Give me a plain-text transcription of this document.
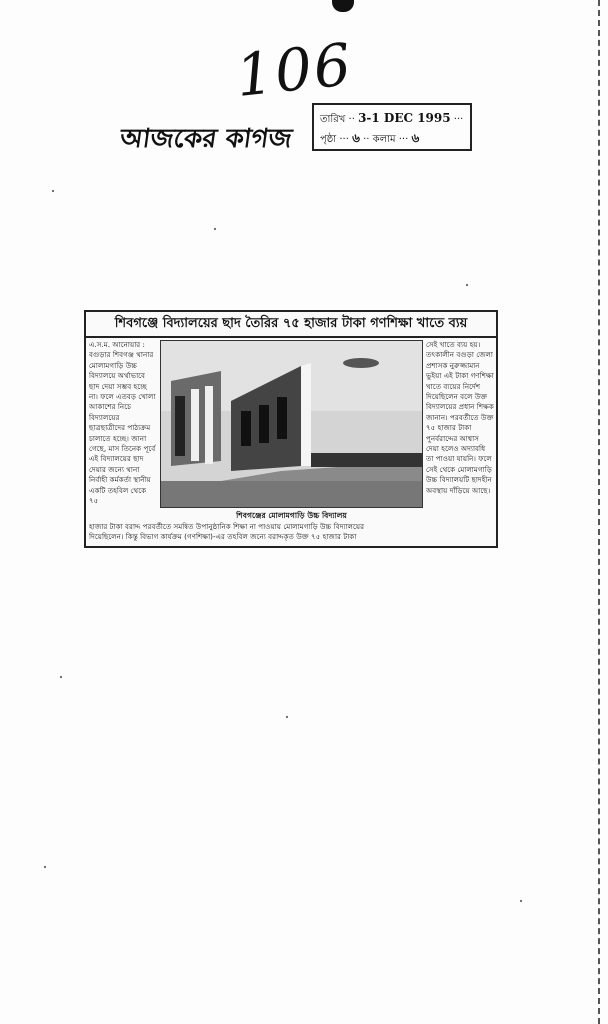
106
আজকের কাগজ
তারিখ ·· 3-1 DEC 1995 ···
পৃষ্ঠা ··· ৬ ·· কলাম ··· ৬
শিবগঞ্জে বিদ্যালয়ের ছাদ তৈরির ৭৫ হাজার টাকা গণশিক্ষা খাতে ব্যয়
এ.স.ম. আনোয়ার : বগুড়ার শিবগঞ্জ থানার মোলামগাড়ি উচ্চ বিদ্যালয়ে অর্থাভাবে ছাদ দেয়া সম্ভব হচ্ছে না। ফলে এতবড় খোলা আকাশের নিচে বিদ্যালয়ের ছাত্রছাত্রীদের পাঠ্যক্রম চালাতে হচ্ছে। জানা গেছে, মাস তিনেক পূর্বে এই বিদ্যালয়ের ছাদ দেয়ার জন্যে থানা নির্বাহী কর্মকর্তা স্থানীয় একটি তহবিল থেকে ৭৫
শিবগঞ্জের মোলামগাড়ি উচ্চ বিদ্যালয়
সেই খাতে ব্যয় হয়। তৎকালীন বগুড়া জেলা প্রশাসক নুরুজ্জামান ভুইয়া এই টাকা গণশিক্ষা খাতে ব্যয়ের নির্দেশ দিয়েছিলেন বলে উক্ত বিদ্যালয়ের প্রধান শিক্ষক জানান। পরবর্তীতে উক্ত ৭৫ হাজার টাকা পুনর্বরাদ্দের আশ্বাস দেয়া হলেও অদ্যাবধি তা পাওয়া যায়নি। ফলে সেই থেকে মোলামগাড়ি উচ্চ বিদ্যালয়টি ছাদহীন অবস্থায় দাঁড়িয়ে আছে।
হাজার টাকা বরাদ্দ পরবর্তীতে সমন্বিত উপানুষ্ঠানিক শিক্ষা না পাওয়ায় মোলামগাড়ি উচ্চ বিদ্যালয়ের
দিয়েছিলেন। কিন্তু বিভাগ কার্যক্রম (গণশিক্ষা)-এর তহবিল জন্যে বরাদ্দকৃত উক্ত ৭৫ হাজার টাকা
